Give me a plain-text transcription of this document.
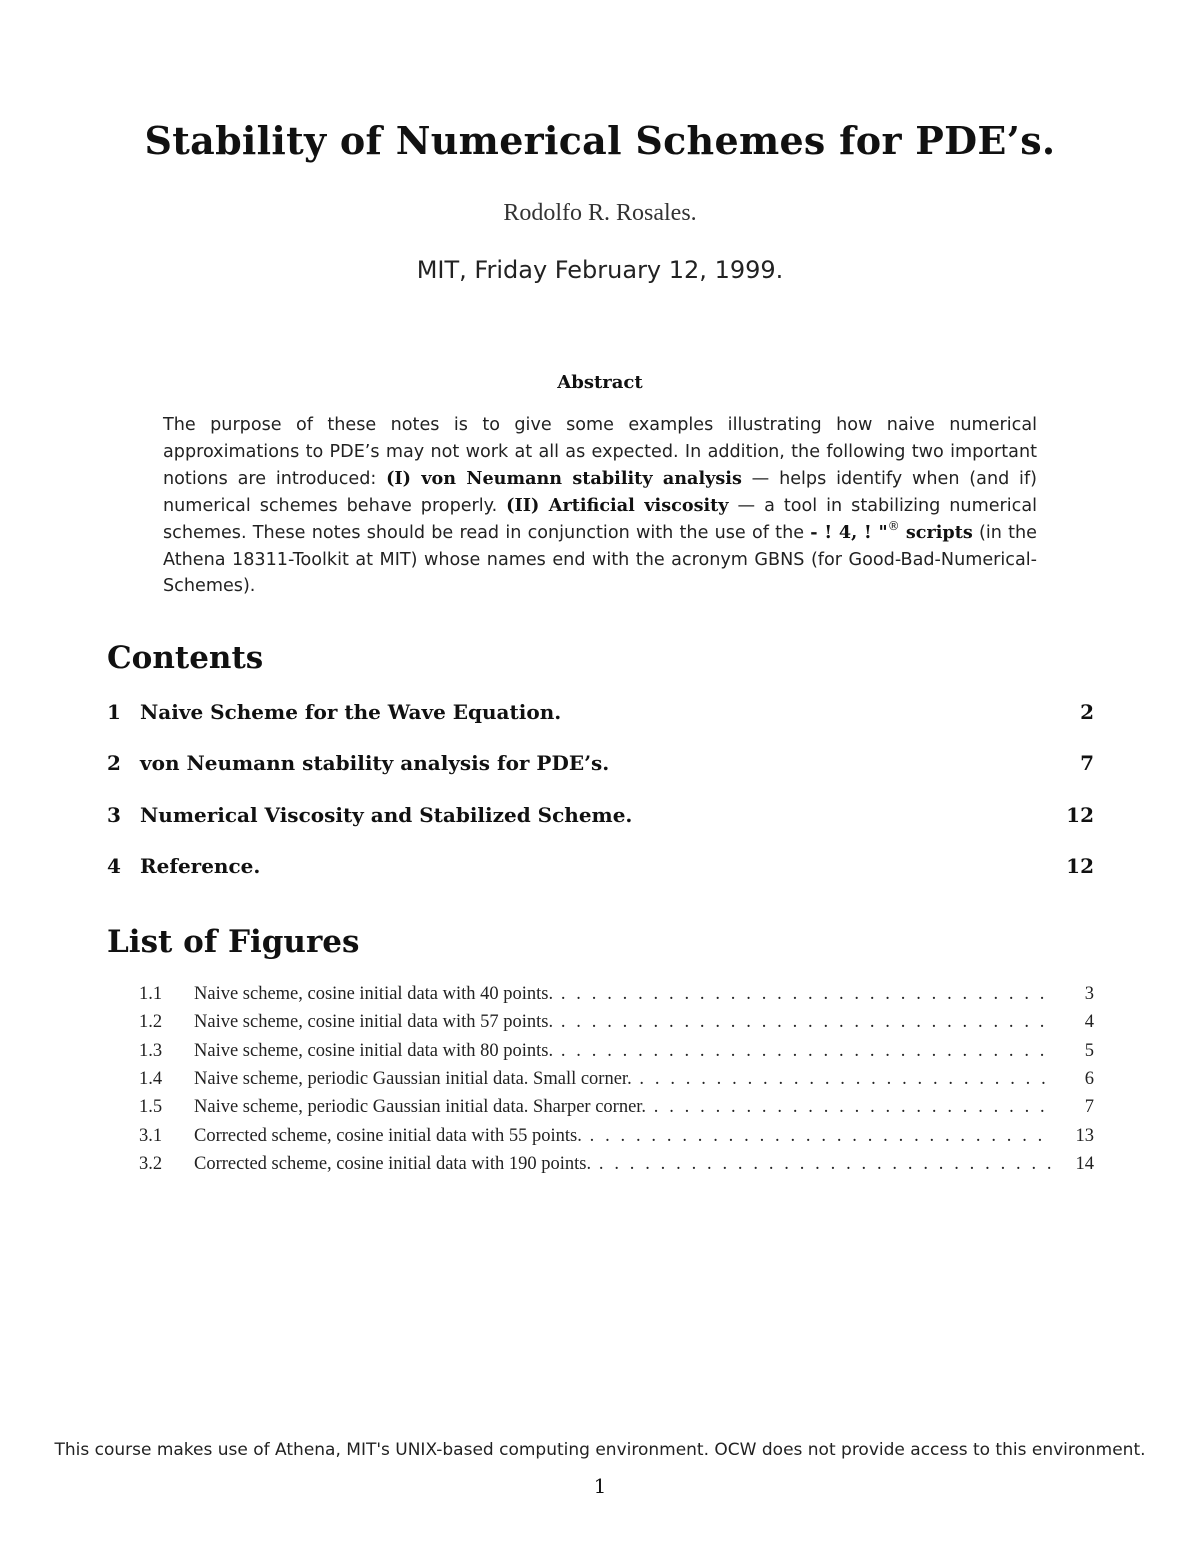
Stability of Numerical Schemes for PDE’s.
Rodolfo R. Rosales.
MIT, Friday February 12, 1999.
Abstract
The purpose of these notes is to give some examples illustrating how naive numerical approximations to PDE’s may not work at all as expected. In addition, the following two important notions are introduced: (I) von Neumann stability analysis — helps identify when (and if) numerical schemes behave properly. (II) Artificial viscosity — a tool in stabilizing numerical schemes. These notes should be read in conjunction with the use of the - ! 4, ! "® scripts (in the Athena 18311-Toolkit at MIT) whose names end with the acronym GBNS (for Good-Bad-Numerical-Schemes).
Contents
1 Naive Scheme for the Wave Equation.	2
2 von Neumann stability analysis for PDE’s.	7
3 Numerical Viscosity and Stabilized Scheme.	12
4 Reference.	12
List of Figures
1.1 Naive scheme, cosine initial data with 40 points. . . .	3
1.2 Naive scheme, cosine initial data with 57 points. . . .	4
1.3 Naive scheme, cosine initial data with 80 points. . . .	5
1.4 Naive scheme, periodic Gaussian initial data. Small corner. . . .	6
1.5 Naive scheme, periodic Gaussian initial data. Sharper corner. . . .	7
3.1 Corrected scheme, cosine initial data with 55 points. . . .	13
3.2 Corrected scheme, cosine initial data with 190 points. . . .	14
This course makes use of Athena, MIT's UNIX-based computing environment. OCW does not provide access to this environment.
1
